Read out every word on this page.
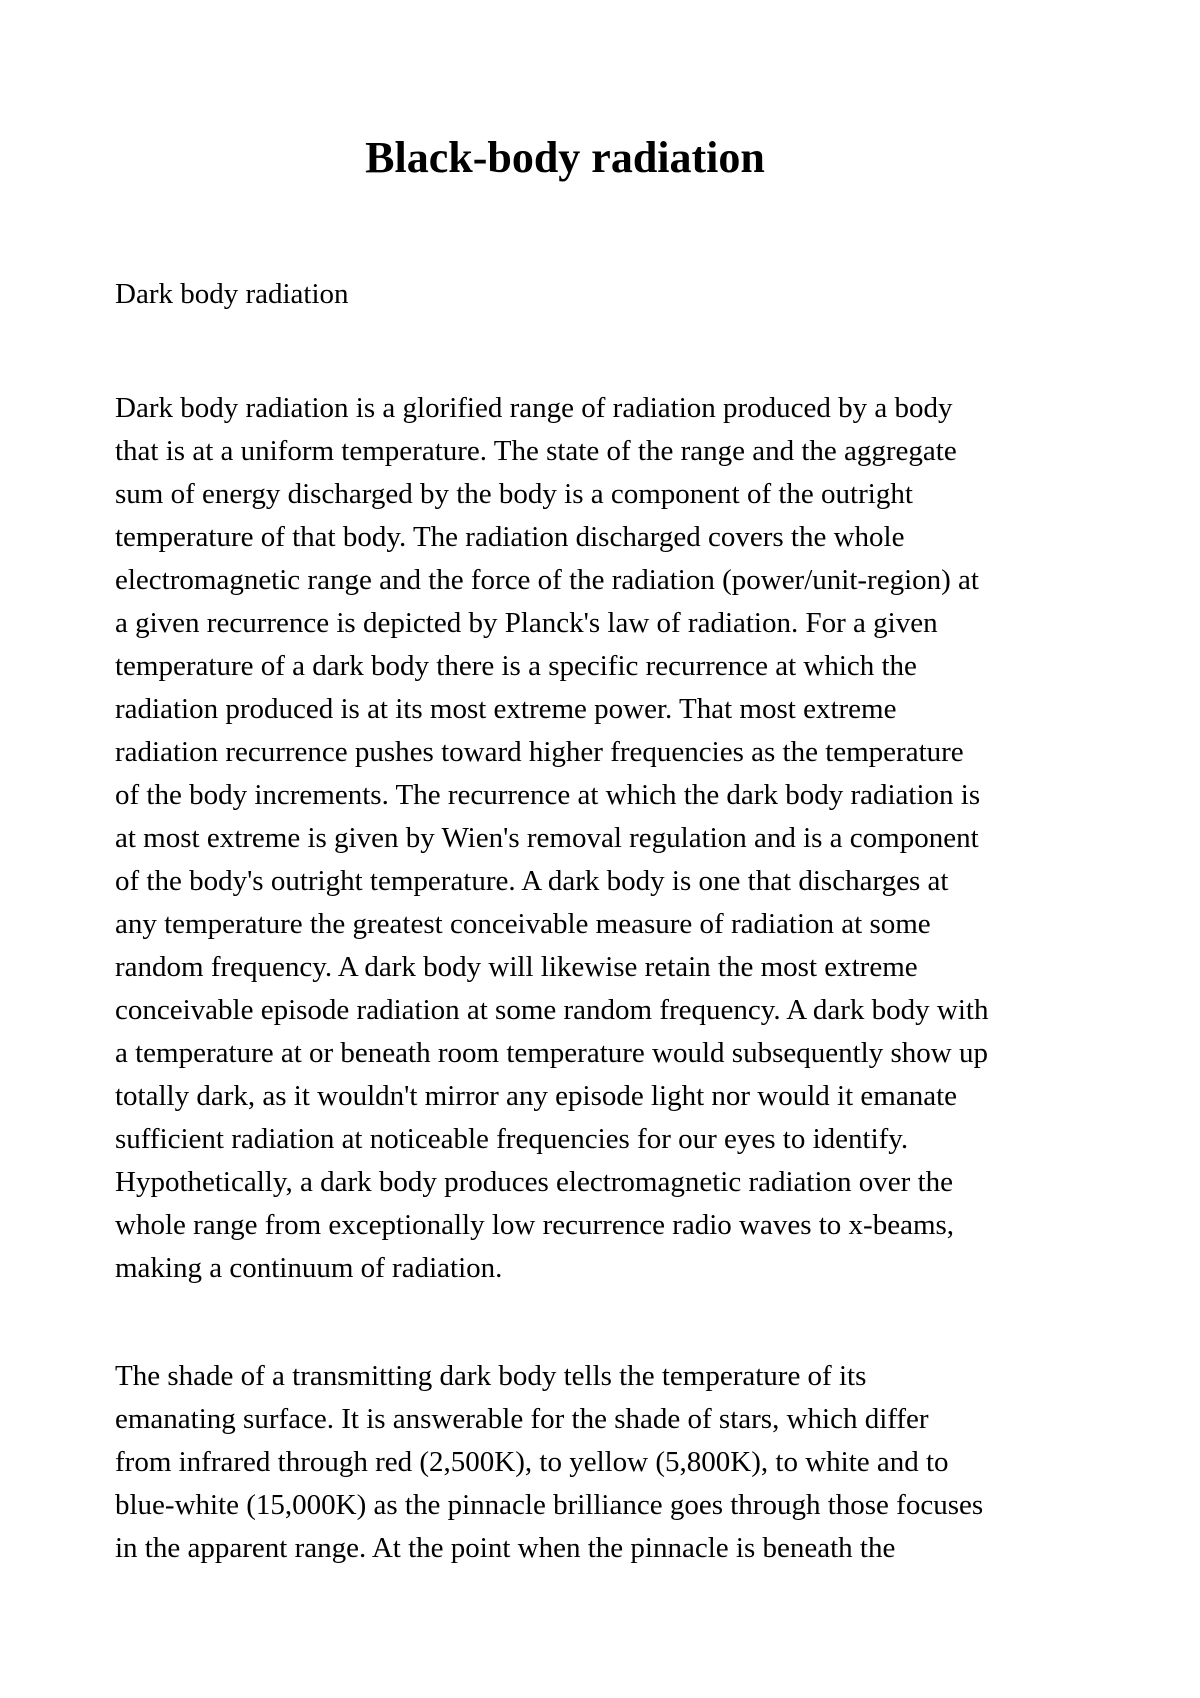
Black-body radiation
Dark body radiation
Dark body radiation is a glorified range of radiation produced by a body
that is at a uniform temperature. The state of the range and the aggregate
sum of energy discharged by the body is a component of the outright
temperature of that body. The radiation discharged covers the whole
electromagnetic range and the force of the radiation (power/unit-region) at
a given recurrence is depicted by Planck's law of radiation. For a given
temperature of a dark body there is a specific recurrence at which the
radiation produced is at its most extreme power. That most extreme
radiation recurrence pushes toward higher frequencies as the temperature
of the body increments. The recurrence at which the dark body radiation is
at most extreme is given by Wien's removal regulation and is a component
of the body's outright temperature. A dark body is one that discharges at
any temperature the greatest conceivable measure of radiation at some
random frequency. A dark body will likewise retain the most extreme
conceivable episode radiation at some random frequency. A dark body with
a temperature at or beneath room temperature would subsequently show up
totally dark, as it wouldn't mirror any episode light nor would it emanate
sufficient radiation at noticeable frequencies for our eyes to identify.
Hypothetically, a dark body produces electromagnetic radiation over the
whole range from exceptionally low recurrence radio waves to x-beams,
making a continuum of radiation.
The shade of a transmitting dark body tells the temperature of its
emanating surface. It is answerable for the shade of stars, which differ
from infrared through red (2,500K), to yellow (5,800K), to white and to
blue-white (15,000K) as the pinnacle brilliance goes through those focuses
in the apparent range. At the point when the pinnacle is beneath the
